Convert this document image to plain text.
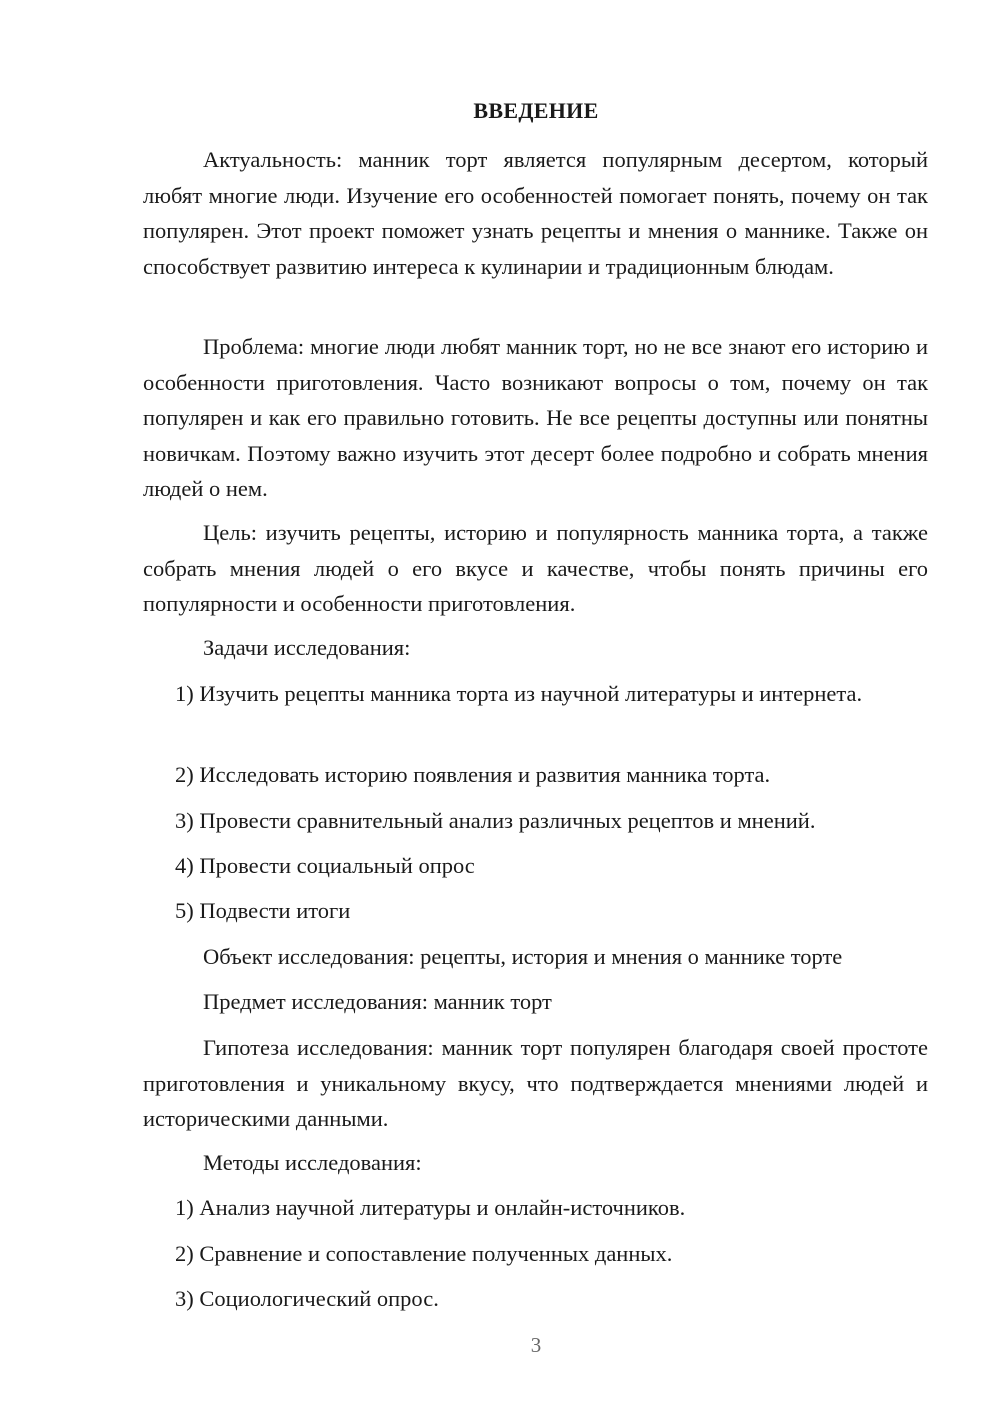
ВВЕДЕНИЕ

Актуальность: манник торт является популярным десертом, который любят многие люди. Изучение его особенностей помогает понять, почему он так популярен. Этот проект поможет узнать рецепты и мнения о маннике. Также он способствует развитию интереса к кулинарии и традиционным блюдам.

Проблема: многие люди любят манник торт, но не все знают его историю и особенности приготовления. Часто возникают вопросы о том, почему он так популярен и как его правильно готовить. Не все рецепты доступны или понятны новичкам. Поэтому важно изучить этот десерт более подробно и собрать мнения людей о нем.

Цель: изучить рецепты, историю и популярность манника торта, а также собрать мнения людей о его вкусе и качестве, чтобы понять причины его популярности и особенности приготовления.

Задачи исследования:

1) Изучить рецепты манника торта из научной литературы и интернета.

2) Исследовать историю появления и развития манника торта.
3) Провести сравнительный анализ различных рецептов и мнений.
4) Провести социальный опрос
5) Подвести итоги
Объект исследования: рецепты, история и мнения о маннике торте
Предмет исследования: манник торт

Гипотеза исследования: манник торт популярен благодаря своей простоте приготовления и уникальному вкусу, что подтверждается мнениями людей и историческими данными.

Методы исследования:
1) Анализ научной литературы и онлайн-источников.
2) Сравнение и сопоставление полученных данных.
3) Социологический опрос.
3
